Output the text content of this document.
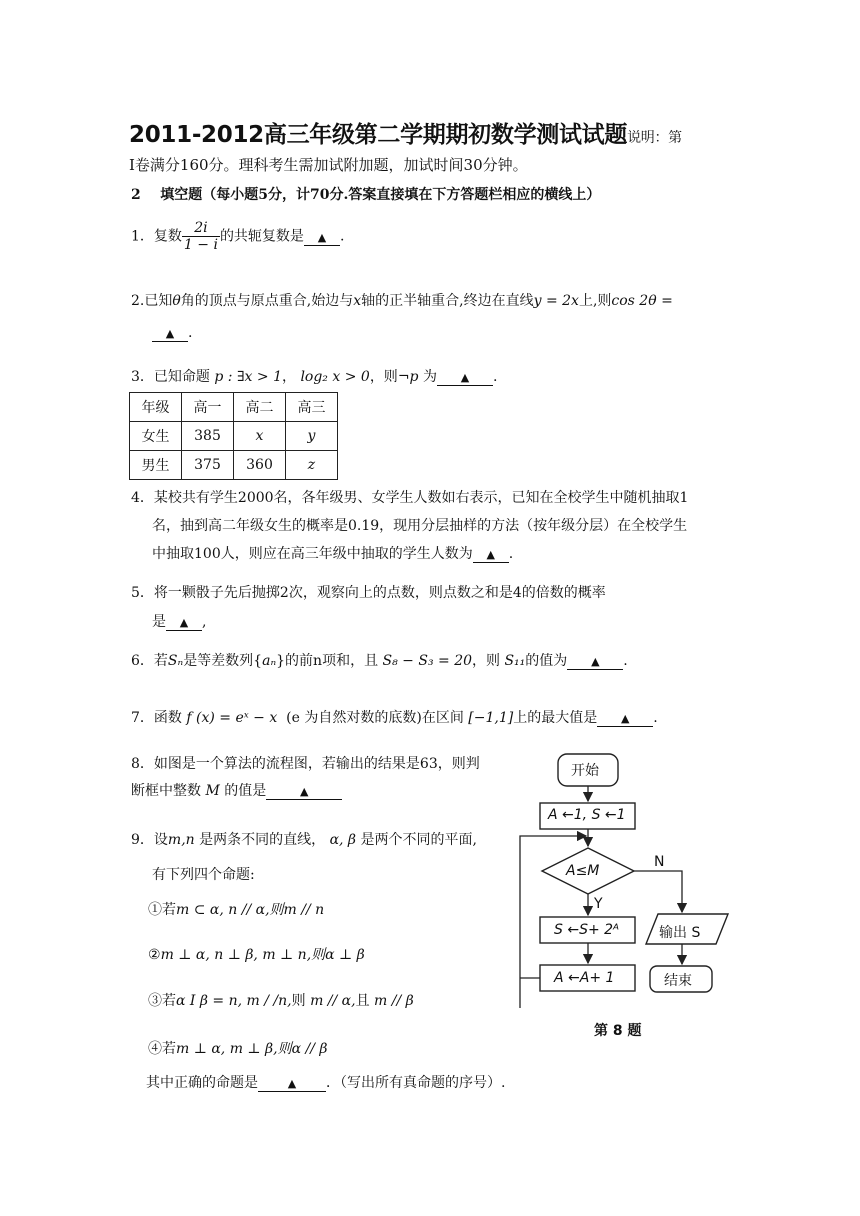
2011-2012高三年级第二学期期初数学测试试题说明：第
Ⅰ卷满分160分。理科考生需加试附加题，加试时间30分钟。
2 填空题（每小题5分，计70分.答案直接填在下方答题栏相应的横线上）
1．复数 $\frac{2i}{1 - i}$ 的共轭复数是 ▲ .
2.已知θ角的顶点与原点重合,始边与x轴的正半轴重合,终边在直线y = 2x上,则cos 2θ =
▲ .
3．已知命题 p : ∃x > 1， log₂ x > 0，则¬p 为 ▲ .
年级	高一	高二	高三
女生	385	x	y
男生	375	360	z
4．某校共有学生2000名，各年级男、女学生人数如右表示，已知在全校学生中随机抽取1
名，抽到高二年级女生的概率是0.19，现用分层抽样的方法（按年级分层）在全校学生
中抽取100人，则应在高三年级中抽取的学生人数为 ▲ .
5．将一颗骰子先后抛掷2次，观察向上的点数，则点数之和是4的倍数的概率
是 ▲ ,
6．若Sₙ是等差数列{aₙ}的前n项和，且 S₈ − S₃ = 20，则 S₁₁的值为 ▲ .
7．函数 f (x) = eˣ − x (e 为自然对数的底数)在区间 [−1,1]上的最大值是 ▲ .
8．如图是一个算法的流程图，若输出的结果是63，则判
断框中整数 M 的值是	▲
9．设m,n 是两条不同的直线， α, β 是两个不同的平面,
有下列四个命题:
①若m ⊂ α, n // α,则m // n
②m ⊥ α, n ⊥ β, m ⊥ n,则α ⊥ β
③若α Ⅰ β = n, m / /n,则 m // α,且 m // β
④若m ⊥ α, m ⊥ β,则α // β
其中正确的命题是	▲ ．（写出所有真命题的序号）.
开始
A ←1, S ←1
A≤M
N
Y
S ←S+ 2ᴬ	输出 S
A ←A+ 1	结束
第 8 题
